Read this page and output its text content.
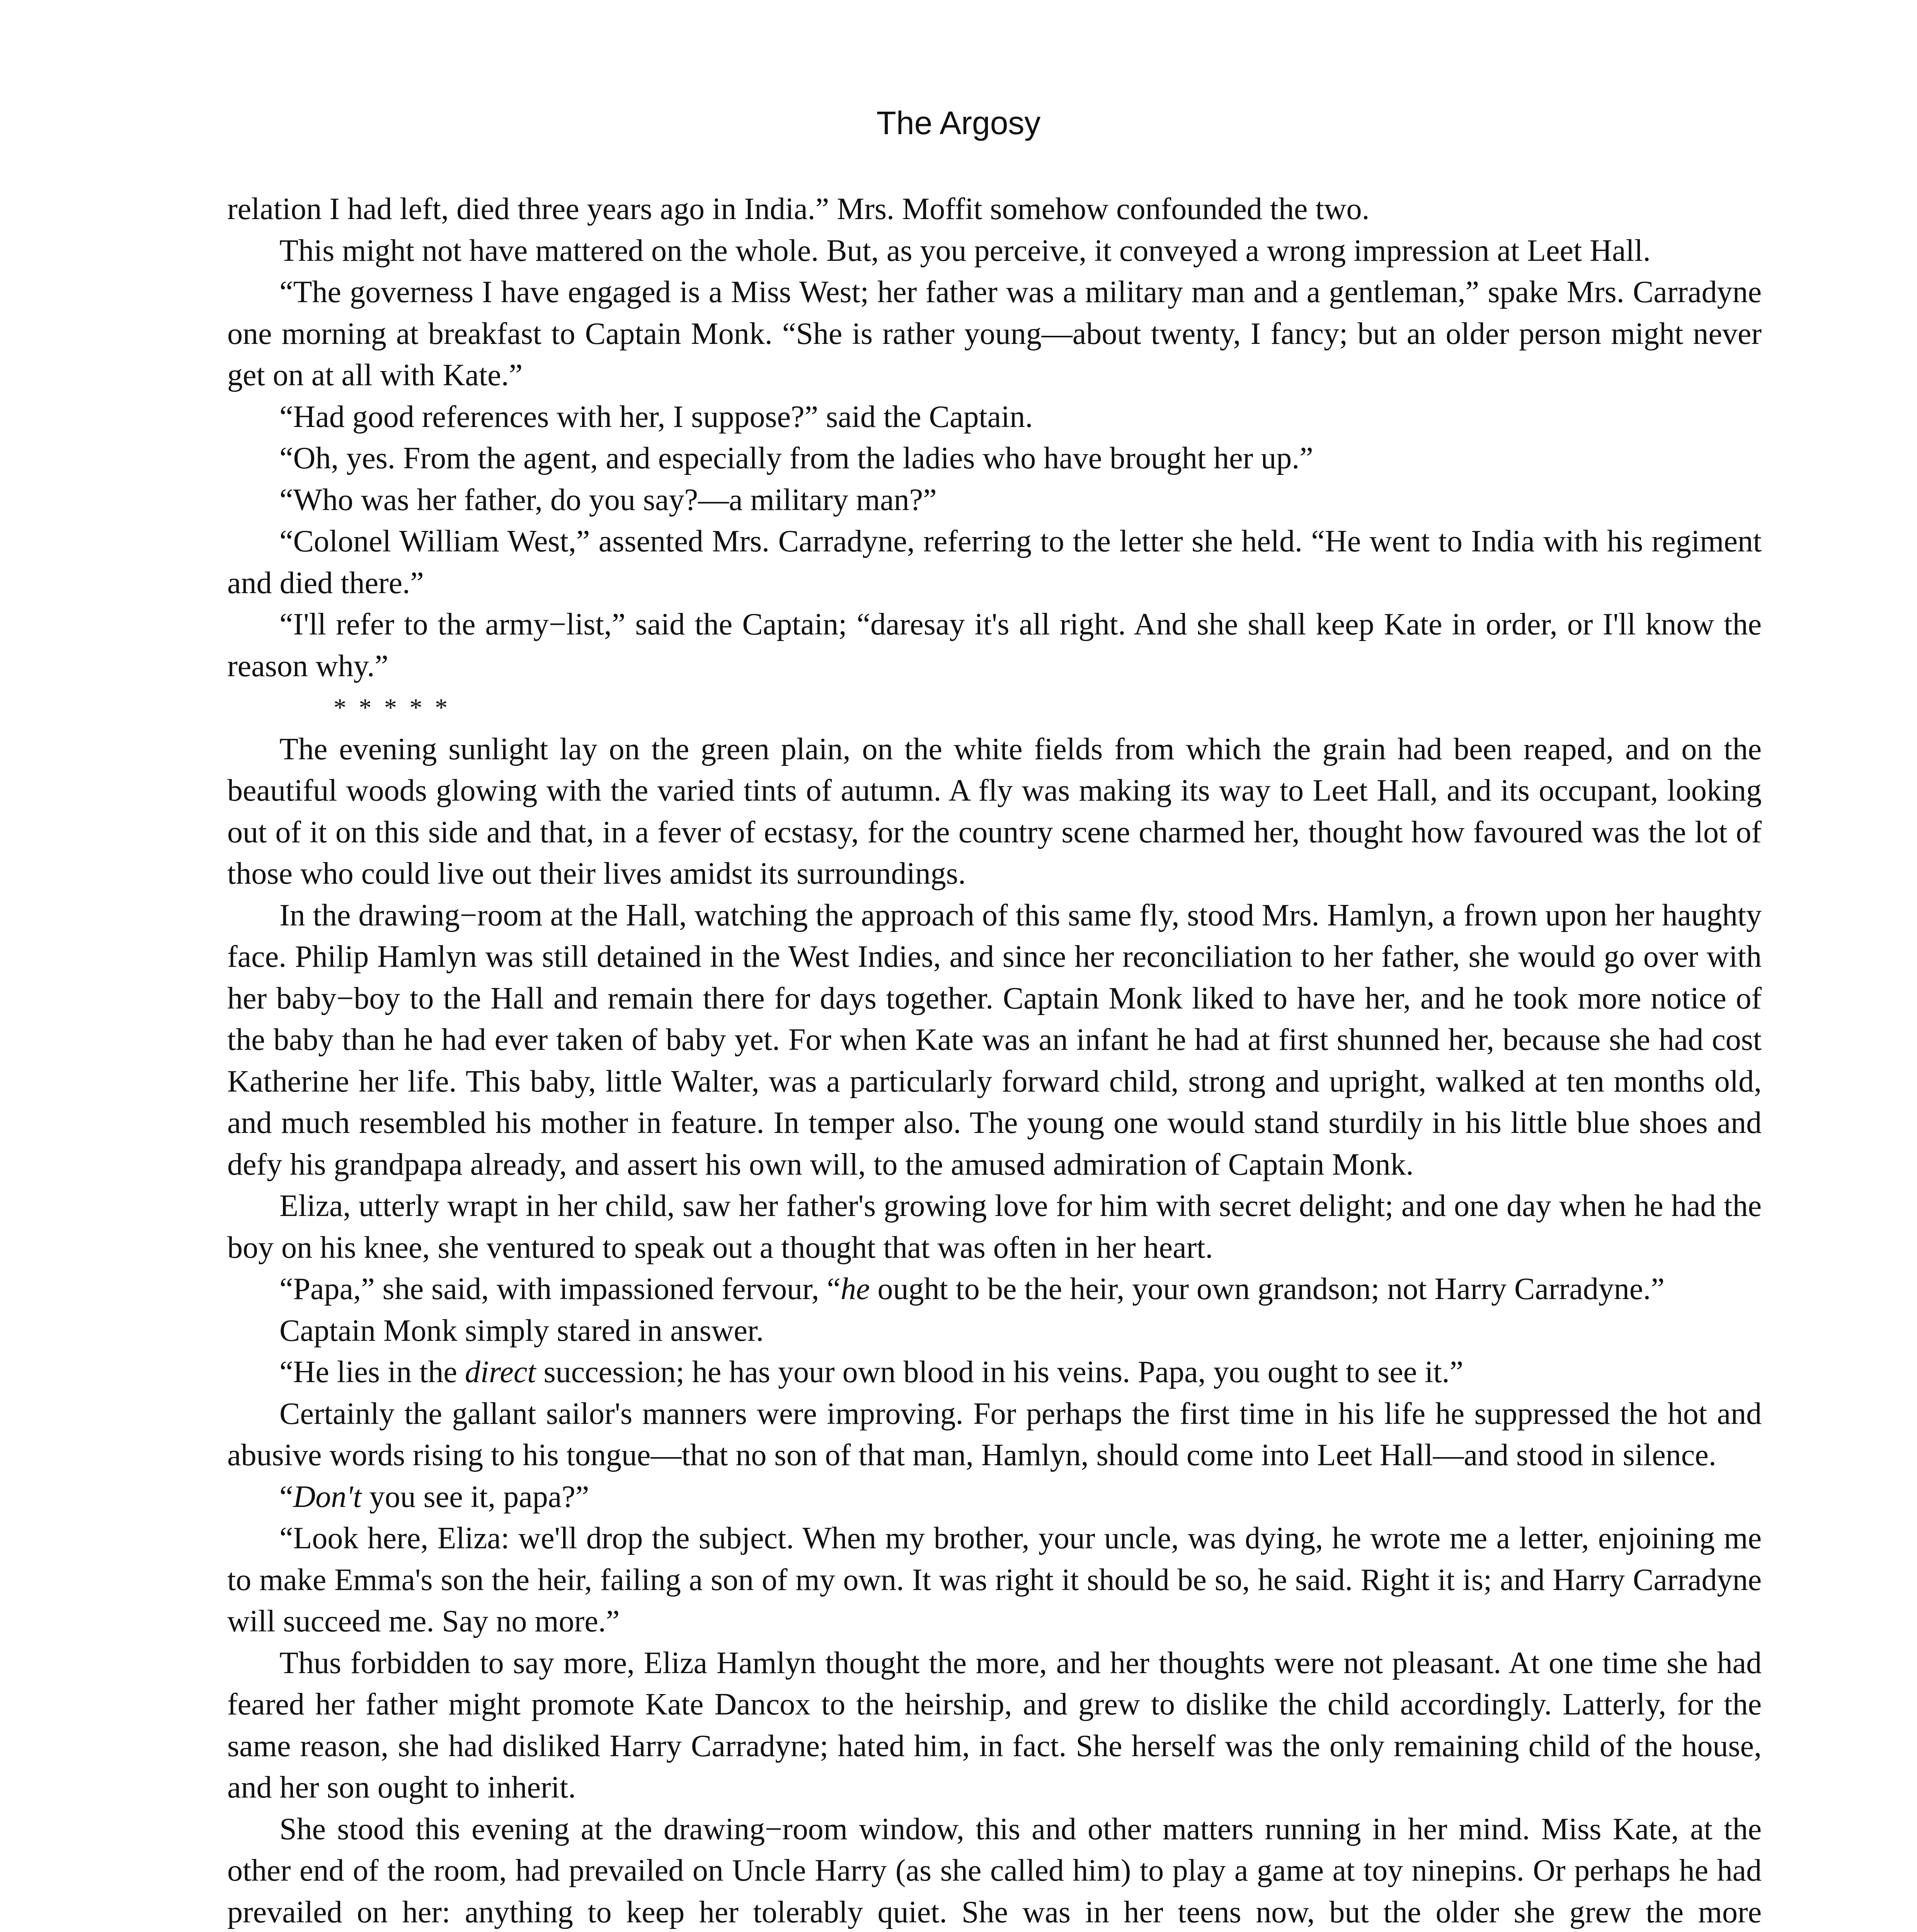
The Argosy

relation I had left, died three years ago in India.” Mrs. Moffit somehow confounded the two.

This might not have mattered on the whole. But, as you perceive, it conveyed a wrong impression at Leet Hall.

“The governess I have engaged is a Miss West; her father was a military man and a gentleman,” spake Mrs. Carradyne one morning at breakfast to Captain Monk. “She is rather young—about twenty, I fancy; but an older person might never get on at all with Kate.”

“Had good references with her, I suppose?” said the Captain.

“Oh, yes. From the agent, and especially from the ladies who have brought her up.”

“Who was her father, do you say?—a military man?”

“Colonel William West,” assented Mrs. Carradyne, referring to the letter she held. “He went to India with his regiment and died there.”

“I'll refer to the army−list,” said the Captain; “daresay it's all right. And she shall keep Kate in order, or I'll know the reason why.”

* * * * *

The evening sunlight lay on the green plain, on the white fields from which the grain had been reaped, and on the beautiful woods glowing with the varied tints of autumn. A fly was making its way to Leet Hall, and its occupant, looking out of it on this side and that, in a fever of ecstasy, for the country scene charmed her, thought how favoured was the lot of those who could live out their lives amidst its surroundings.

In the drawing−room at the Hall, watching the approach of this same fly, stood Mrs. Hamlyn, a frown upon her haughty face. Philip Hamlyn was still detained in the West Indies, and since her reconciliation to her father, she would go over with her baby−boy to the Hall and remain there for days together. Captain Monk liked to have her, and he took more notice of the baby than he had ever taken of baby yet. For when Kate was an infant he had at first shunned her, because she had cost Katherine her life. This baby, little Walter, was a particularly forward child, strong and upright, walked at ten months old, and much resembled his mother in feature. In temper also. The young one would stand sturdily in his little blue shoes and defy his grandpapa already, and assert his own will, to the amused admiration of Captain Monk.

Eliza, utterly wrapt in her child, saw her father's growing love for him with secret delight; and one day when he had the boy on his knee, she ventured to speak out a thought that was often in her heart.

“Papa,” she said, with impassioned fervour, “he ought to be the heir, your own grandson; not Harry Carradyne.”

Captain Monk simply stared in answer.

“He lies in the direct succession; he has your own blood in his veins. Papa, you ought to see it.”

Certainly the gallant sailor's manners were improving. For perhaps the first time in his life he suppressed the hot and abusive words rising to his tongue—that no son of that man, Hamlyn, should come into Leet Hall—and stood in silence.

“Don't you see it, papa?”

“Look here, Eliza: we'll drop the subject. When my brother, your uncle, was dying, he wrote me a letter, enjoining me to make Emma's son the heir, failing a son of my own. It was right it should be so, he said. Right it is; and Harry Carradyne will succeed me. Say no more.”

Thus forbidden to say more, Eliza Hamlyn thought the more, and her thoughts were not pleasant. At one time she had feared her father might promote Kate Dancox to the heirship, and grew to dislike the child accordingly. Latterly, for the same reason, she had disliked Harry Carradyne; hated him, in fact. She herself was the only remaining child of the house, and her son ought to inherit.

She stood this evening at the drawing−room window, this and other matters running in her mind. Miss Kate, at the other end of the room, had prevailed on Uncle Harry (as she called him) to play a game at toy ninepins. Or perhaps he had prevailed on her: anything to keep her tolerably quiet. She was in her teens now, but the older she grew the more
